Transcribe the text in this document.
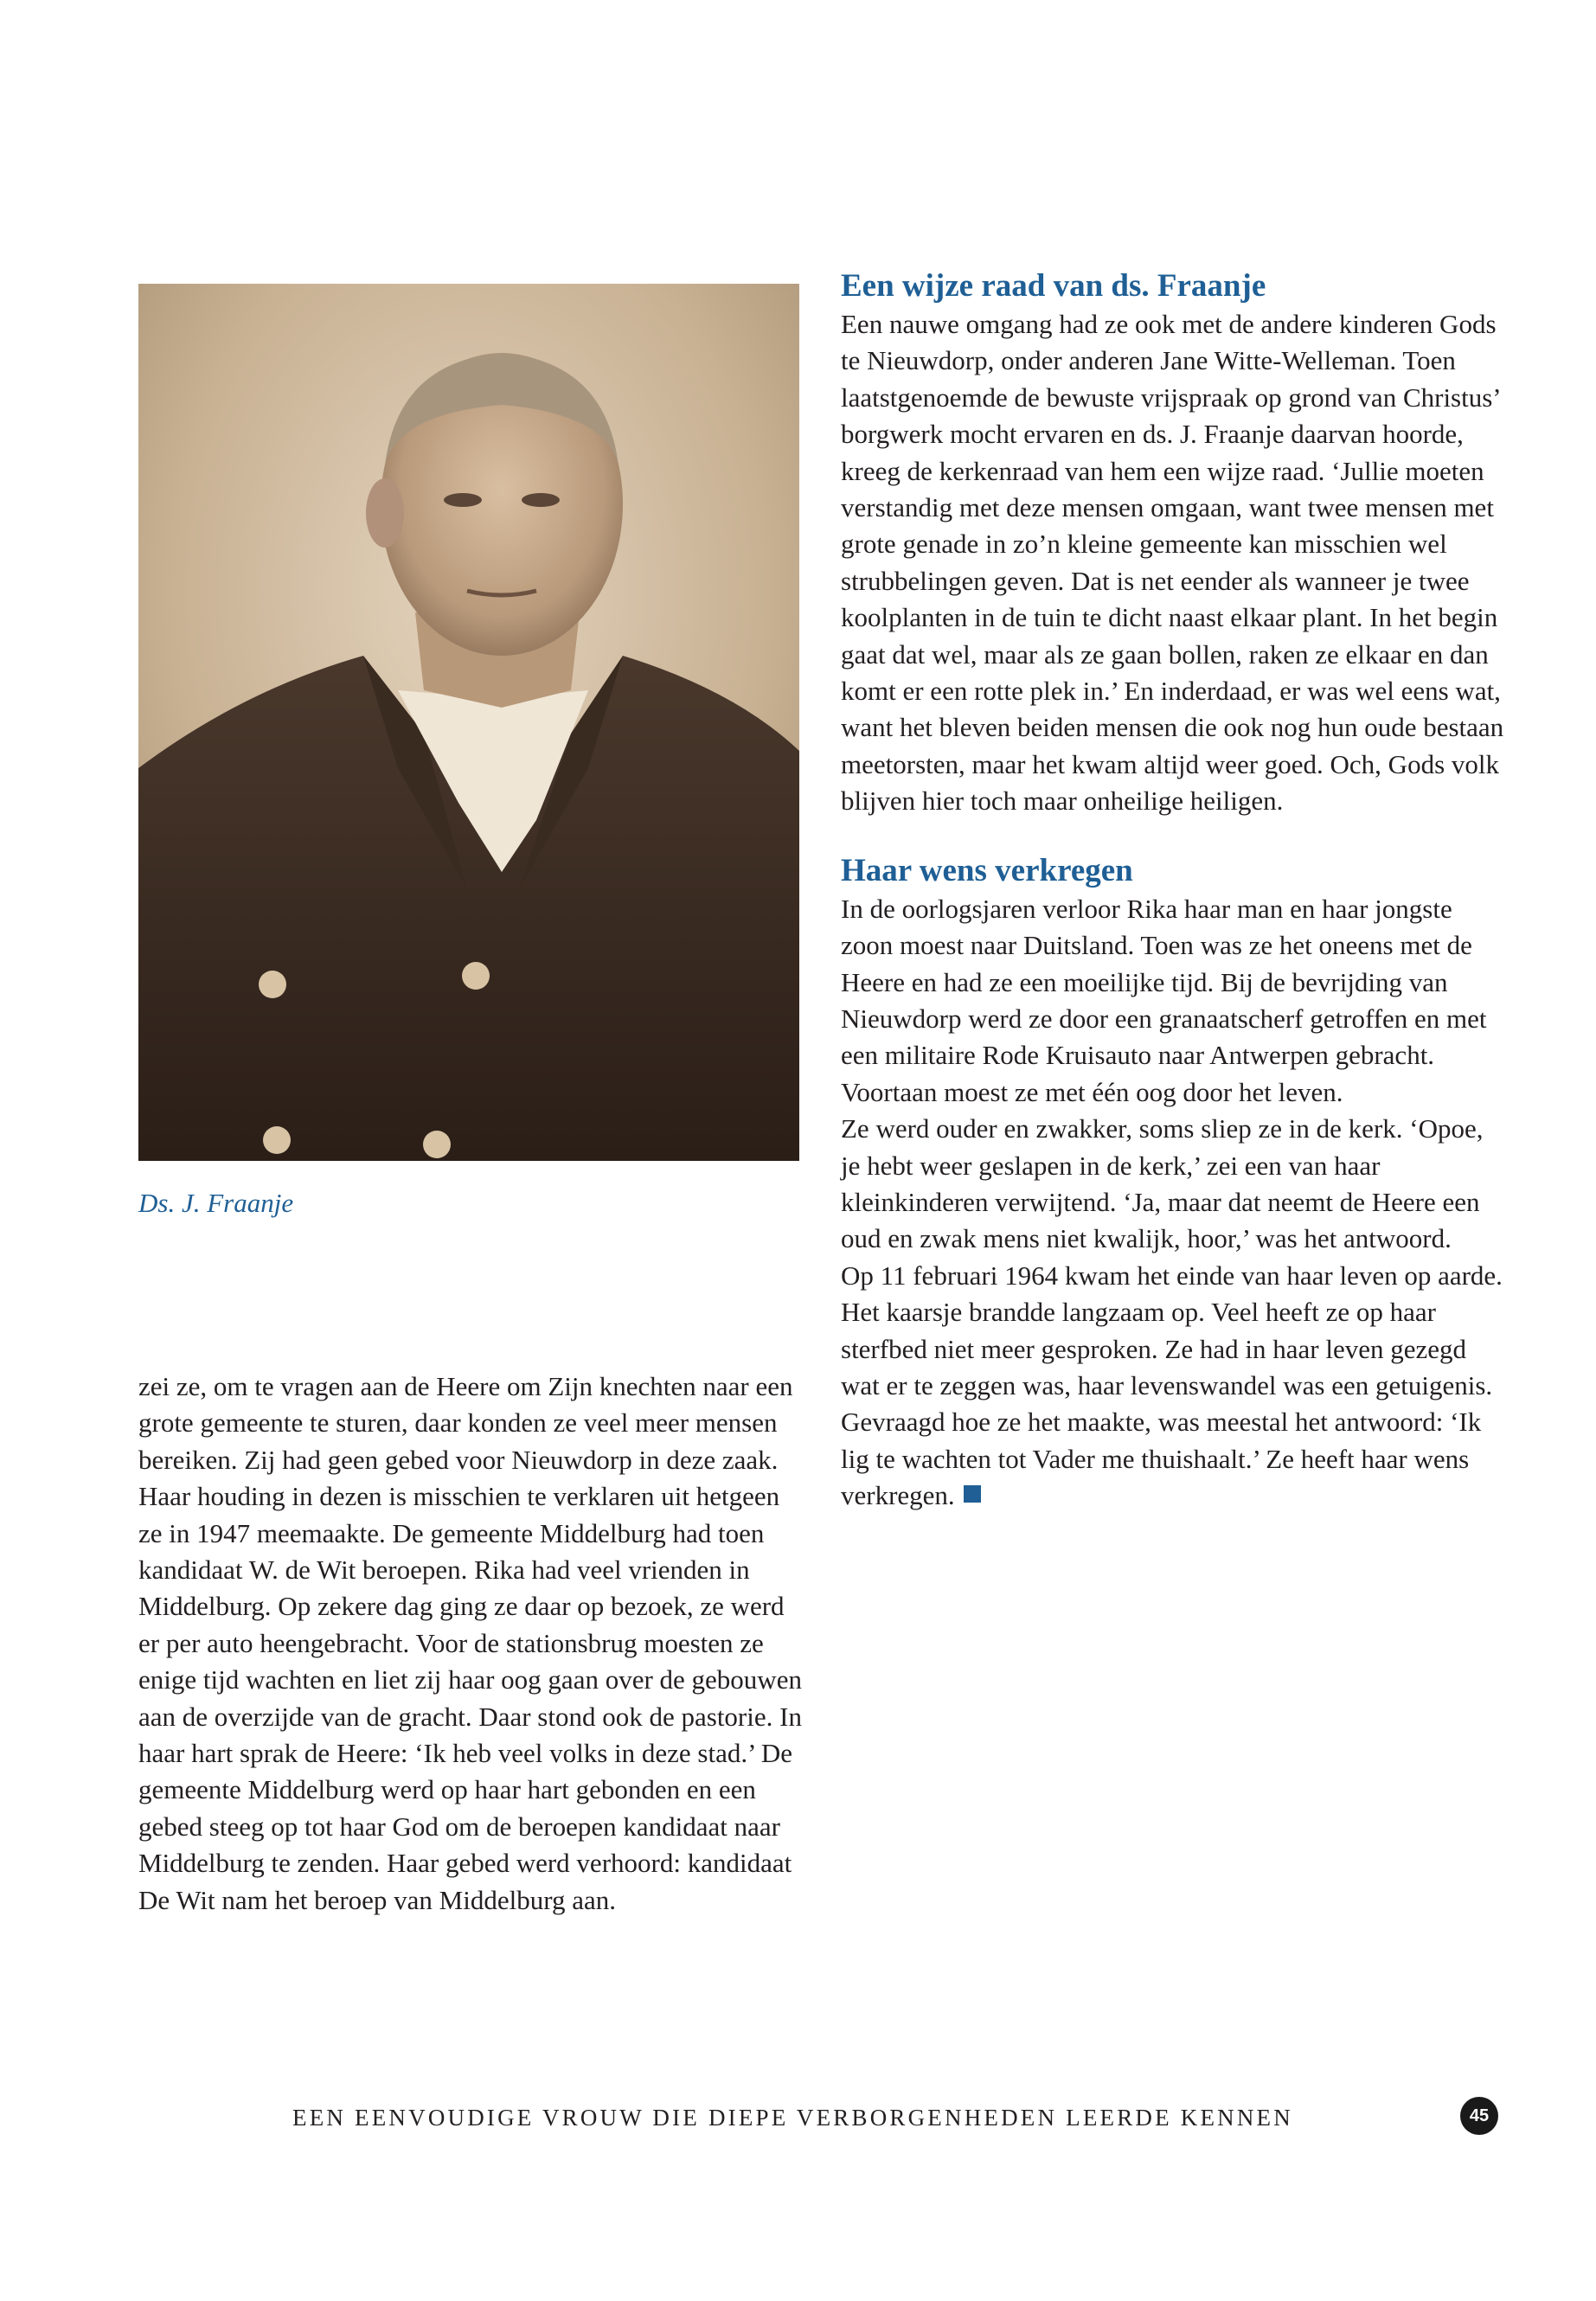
Ds. J. Fraanje

zei ze, om te vragen aan de Heere om Zijn knechten naar een grote gemeente te sturen, daar konden ze veel meer mensen bereiken. Zij had geen gebed voor Nieuwdorp in deze zaak.

Haar houding in dezen is misschien te verklaren uit hetgeen ze in 1947 meemaakte. De gemeente Middelburg had toen kandidaat W. de Wit beroepen. Rika had veel vrienden in Middelburg. Op zekere dag ging ze daar op bezoek, ze werd er per auto heengebracht. Voor de stationsbrug moesten ze enige tijd wachten en liet zij haar oog gaan over de gebouwen aan de overzijde van de gracht. Daar stond ook de pastorie. In haar hart sprak de Heere: ‘Ik heb veel volks in deze stad.’ De gemeente Middelburg werd op haar hart gebonden en een gebed steeg op tot haar God om de beroepen kandidaat naar Middelburg te zenden. Haar gebed werd verhoord: kandidaat De Wit nam het beroep van Middelburg aan.

Een wijze raad van ds. Fraanje

Een nauwe omgang had ze ook met de andere kinderen Gods te Nieuwdorp, onder anderen Jane Witte-Welleman. Toen laatstgenoemde de bewuste vrijspraak op grond van Christus’ borgwerk mocht ervaren en ds. J. Fraanje daarvan hoorde, kreeg de kerkenraad van hem een wijze raad. ‘Jullie moeten verstandig met deze mensen omgaan, want twee mensen met grote genade in zo’n kleine gemeente kan misschien wel strubbelingen geven. Dat is net eender als wanneer je twee koolplanten in de tuin te dicht naast elkaar plant. In het begin gaat dat wel, maar als ze gaan bollen, raken ze elkaar en dan komt er een rotte plek in.’ En inderdaad, er was wel eens wat, want het bleven beiden mensen die ook nog hun oude bestaan meetorsten, maar het kwam altijd weer goed. Och, Gods volk blijven hier toch maar onheilige heiligen.

Haar wens verkregen

In de oorlogsjaren verloor Rika haar man en haar jongste zoon moest naar Duitsland. Toen was ze het oneens met de Heere en had ze een moeilijke tijd. Bij de bevrijding van Nieuwdorp werd ze door een granaatscherf getroffen en met een militaire Rode Kruisauto naar Antwerpen gebracht. Voortaan moest ze met één oog door het leven.

Ze werd ouder en zwakker, soms sliep ze in de kerk. ‘Opoe, je hebt weer geslapen in de kerk,’ zei een van haar kleinkinderen verwijtend. ‘Ja, maar dat neemt de Heere een oud en zwak mens niet kwalijk, hoor,’ was het antwoord.

Op 11 februari 1964 kwam het einde van haar leven op aarde. Het kaarsje brandde langzaam op. Veel heeft ze op haar sterfbed niet meer gesproken. Ze had in haar leven gezegd wat er te zeggen was, haar levenswandel was een getuigenis. Gevraagd hoe ze het maakte, was meestal het antwoord: ‘Ik lig te wachten tot Vader me thuishaalt.’ Ze heeft haar wens verkregen.

EEN EENVOUDIGE VROUW DIE DIEPE VERBORGENHEDEN LEERDE KENNEN	45
